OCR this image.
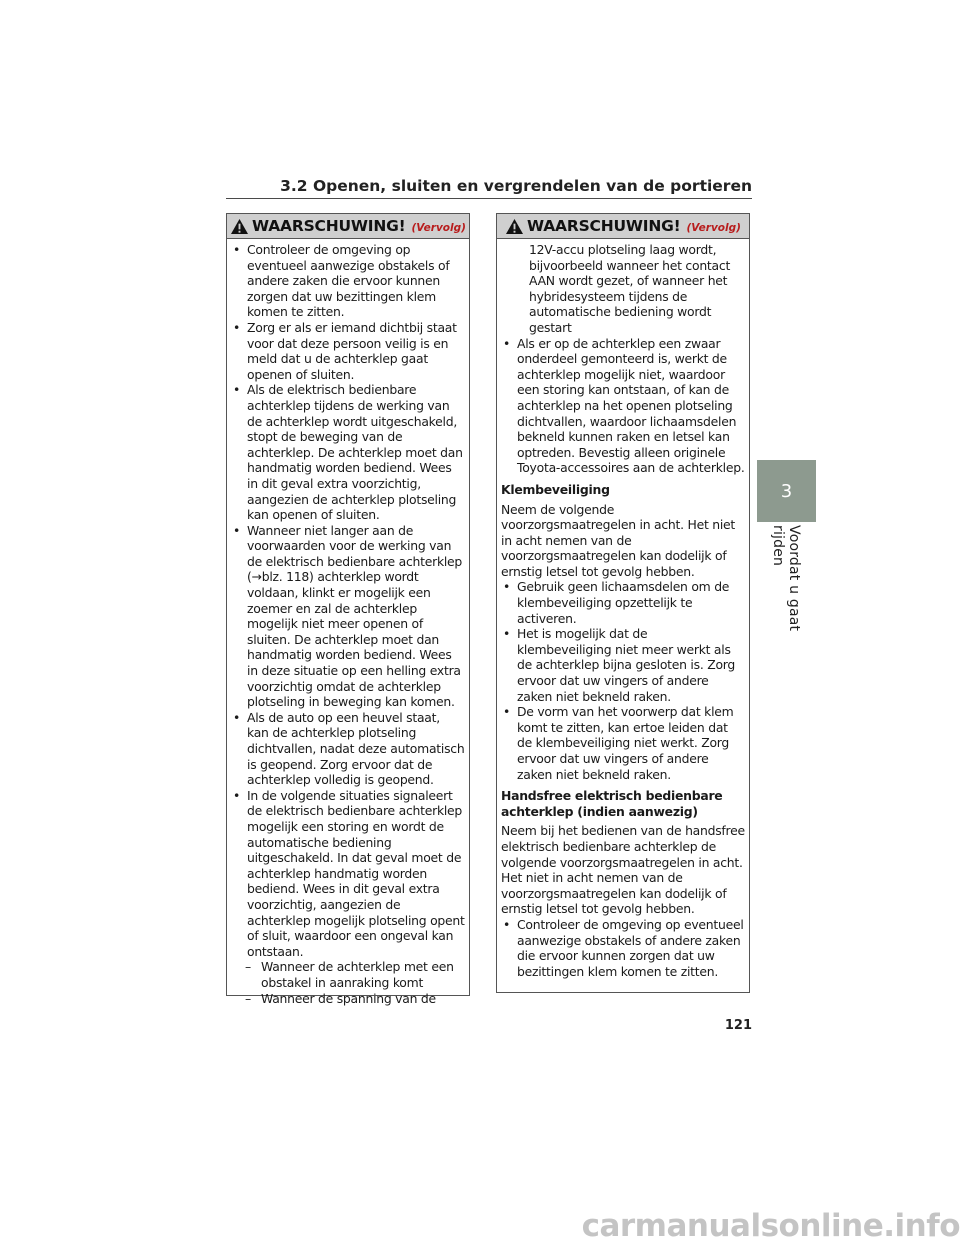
3.2 Openen, sluiten en vergrendelen van de portieren
WAARSCHUWING! (Vervolg)
• Controleer de omgeving op eventueel aanwezige obstakels of andere zaken die ervoor kunnen zorgen dat uw bezittingen klem komen te zitten.
• Zorg er als er iemand dichtbij staat voor dat deze persoon veilig is en meld dat u de achterklep gaat openen of sluiten.
• Als de elektrisch bedienbare achterklep tijdens de werking van de achterklep wordt uitgeschakeld, stopt de beweging van de achterklep. De achterklep moet dan handmatig worden bediend. Wees in dit geval extra voorzichtig, aangezien de achterklep plotseling kan openen of sluiten.
• Wanneer niet langer aan de voorwaarden voor de werking van de elektrisch bedienbare achterklep (→blz. 118) achterklep wordt voldaan, klinkt er mogelijk een zoemer en zal de achterklep mogelijk niet meer openen of sluiten. De achterklep moet dan handmatig worden bediend. Wees in deze situatie op een helling extra voorzichtig omdat de achterklep plotseling in beweging kan komen.
• Als de auto op een heuvel staat, kan de achterklep plotseling dichtvallen, nadat deze automatisch is geopend. Zorg ervoor dat de achterklep volledig is geopend.
• In de volgende situaties signaleert de elektrisch bedienbare achterklep mogelijk een storing en wordt de automatische bediening uitgeschakeld. In dat geval moet de achterklep handmatig worden bediend. Wees in dit geval extra voorzichtig, aangezien de achterklep mogelijk plotseling opent of sluit, waardoor een ongeval kan ontstaan.
– Wanneer de achterklep met een obstakel in aanraking komt
– Wanneer de spanning van de
WAARSCHUWING! (Vervolg)
12V-accu plotseling laag wordt, bijvoorbeeld wanneer het contact AAN wordt gezet, of wanneer het hybridesysteem tijdens de automatische bediening wordt gestart
• Als er op de achterklep een zwaar onderdeel gemonteerd is, werkt de achterklep mogelijk niet, waardoor een storing kan ontstaan, of kan de achterklep na het openen plotseling dichtvallen, waardoor lichaamsdelen bekneld kunnen raken en letsel kan optreden. Bevestig alleen originele Toyota-accessoires aan de achterklep.
Klembeveiliging
Neem de volgende voorzorgsmaatregelen in acht. Het niet in acht nemen van de voorzorgsmaatregelen kan dodelijk of ernstig letsel tot gevolg hebben.
• Gebruik geen lichaamsdelen om de klembeveiliging opzettelijk te activeren.
• Het is mogelijk dat de klembeveiliging niet meer werkt als de achterklep bijna gesloten is. Zorg ervoor dat uw vingers of andere zaken niet bekneld raken.
• De vorm van het voorwerp dat klem komt te zitten, kan ertoe leiden dat de klembeveiliging niet werkt. Zorg ervoor dat uw vingers of andere zaken niet bekneld raken.
Handsfree elektrisch bedienbare achterklep (indien aanwezig)
Neem bij het bedienen van de handsfree elektrisch bedienbare achterklep de volgende voorzorgsmaatregelen in acht. Het niet in acht nemen van de voorzorgsmaatregelen kan dodelijk of ernstig letsel tot gevolg hebben.
• Controleer de omgeving op eventueel aanwezige obstakels of andere zaken die ervoor kunnen zorgen dat uw bezittingen klem komen te zitten.
3
Voordat u gaat rijden
121
carmanualsonline.info
